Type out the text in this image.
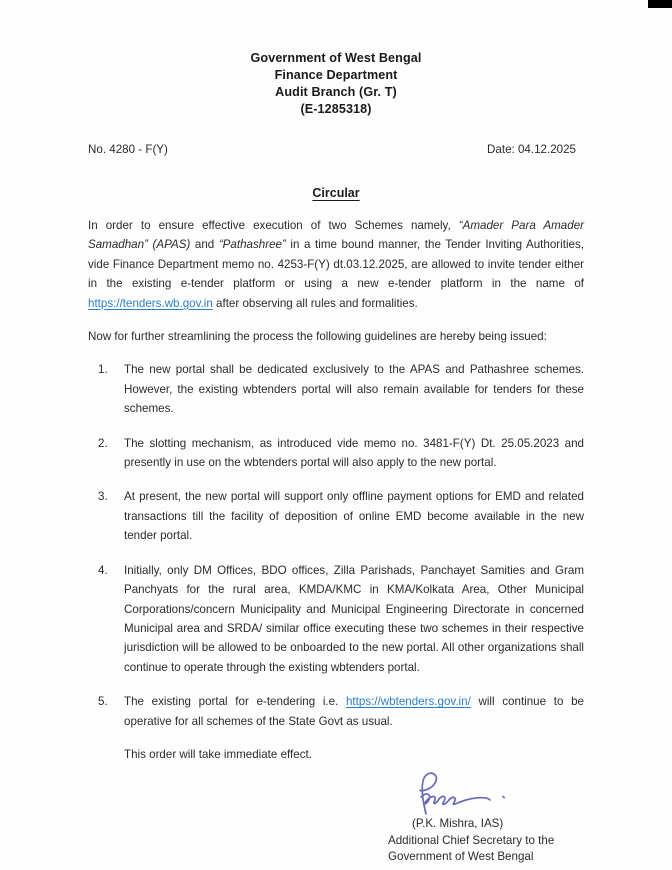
Government of West Bengal
Finance Department
Audit Branch (Gr. T)
(E-1285318)
No. 4280 - F(Y)	Date: 04.12.2025
Circular

In order to ensure effective execution of two Schemes namely, “Amader Para Amader Samadhan” (APAS) and “Pathashree” in a time bound manner, the Tender Inviting Authorities, vide Finance Department memo no. 4253-F(Y) dt.03.12.2025, are allowed to invite tender either in the existing e-tender platform or using a new e-tender platform in the name of https://tenders.wb.gov.in after observing all rules and formalities.

Now for further streamlining the process the following guidelines are hereby being issued:

The new portal shall be dedicated exclusively to the APAS and Pathashree schemes. However, the existing wbtenders portal will also remain available for tenders for these schemes.
The slotting mechanism, as introduced vide memo no. 3481-F(Y) Dt. 25.05.2023 and presently in use on the wbtenders portal will also apply to the new portal.
At present, the new portal will support only offline payment options for EMD and related transactions till the facility of deposition of online EMD become available in the new tender portal.
Initially, only DM Offices, BDO offices, Zilla Parishads, Panchayet Samities and Gram Panchyats for the rural area, KMDA/KMC in KMA/Kolkata Area, Other Municipal Corporations/concern Municipality and Municipal Engineering Directorate in concerned Municipal area and SRDA/ similar office executing these two schemes in their respective jurisdiction will be allowed to be onboarded to the new portal. All other organizations shall continue to operate through the existing wbtenders portal.
The existing portal for e-tendering i.e. https://wbtenders.gov.in/ will continue to be operative for all schemes of the State Govt as usual.
This order will take immediate effect.
(P.K. Mishra, IAS)
Additional Chief Secretary to the
Government of West Bengal
